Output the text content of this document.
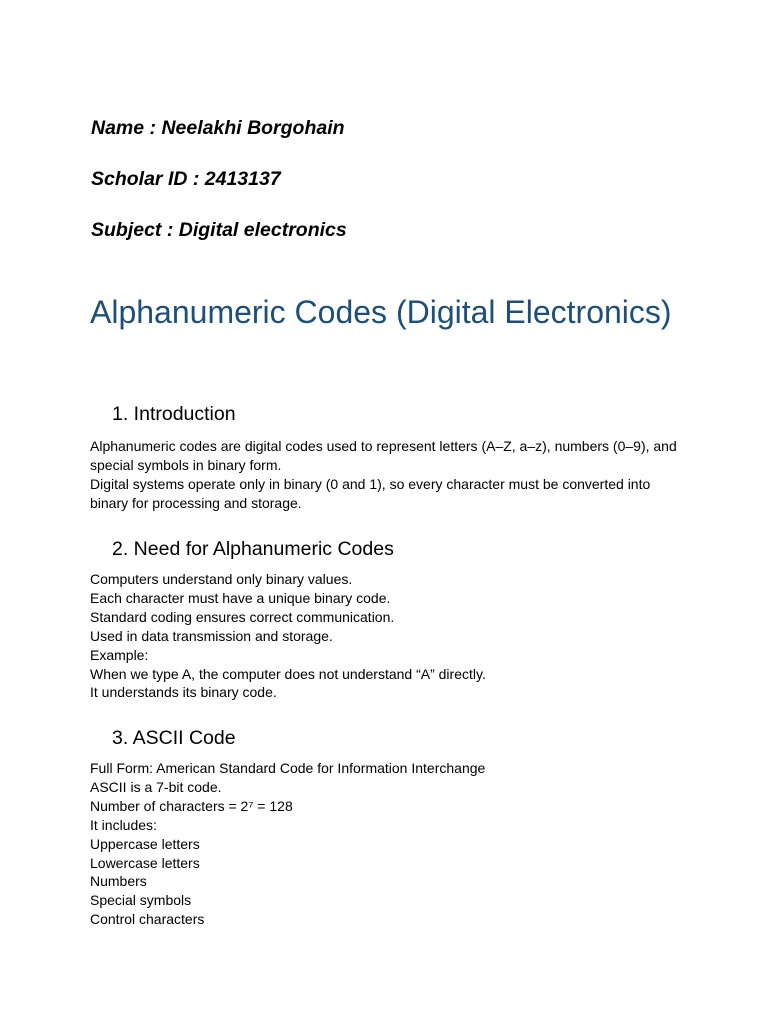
Name : Neelakhi Borgohain
Scholar ID : 2413137
Subject : Digital electronics
Alphanumeric Codes (Digital Electronics)
1. Introduction
Alphanumeric codes are digital codes used to represent letters (A–Z, a–z), numbers (0–9), and
special symbols in binary form.
Digital systems operate only in binary (0 and 1), so every character must be converted into
binary for processing and storage.
2. Need for Alphanumeric Codes
Computers understand only binary values.
Each character must have a unique binary code.
Standard coding ensures correct communication.
Used in data transmission and storage.
Example:
When we type A, the computer does not understand “A” directly.
It understands its binary code.
3. ASCII Code
Full Form: American Standard Code for Information Interchange
ASCII is a 7-bit code.
Number of characters = 2⁷ = 128
It includes:
Uppercase letters
Lowercase letters
Numbers
Special symbols
Control characters
